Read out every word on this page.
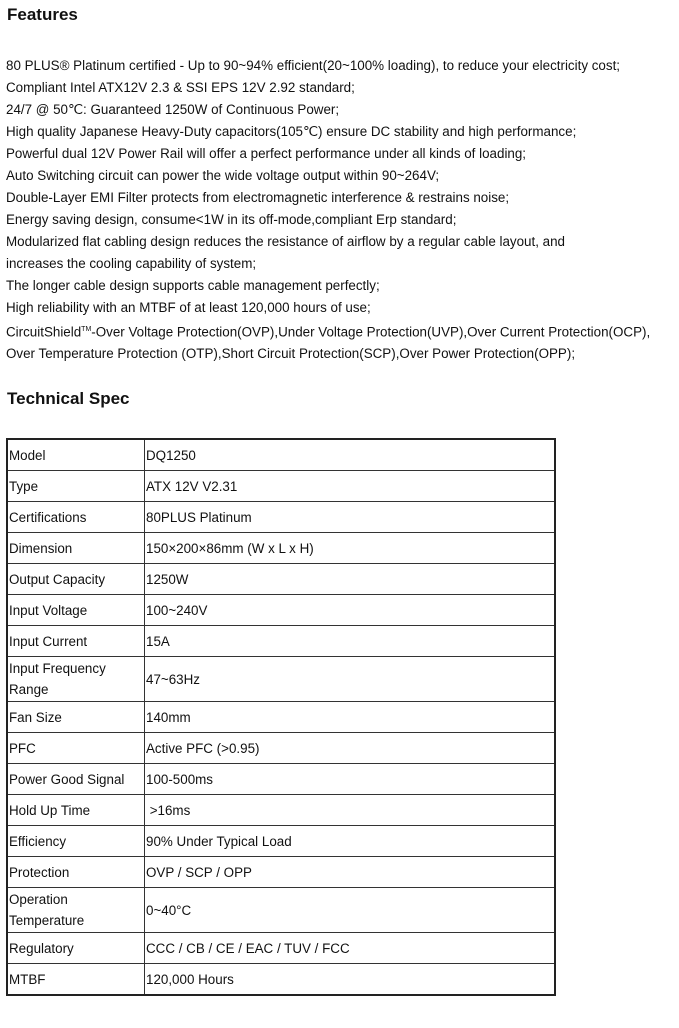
Features
80 PLUS® Platinum certified - Up to 90~94% efficient(20~100% loading), to reduce your electricity cost;
Compliant Intel ATX12V 2.3 & SSI EPS 12V 2.92 standard;
24/7 @ 50℃: Guaranteed 1250W of Continuous Power;
High quality Japanese Heavy-Duty capacitors(105℃) ensure DC stability and high performance;
Powerful dual 12V Power Rail will offer a perfect performance under all kinds of loading;
Auto Switching circuit can power the wide voltage output within 90~264V;
Double-Layer EMI Filter protects from electromagnetic interference & restrains noise;
Energy saving design, consume<1W in its off-mode,compliant Erp standard;
Modularized flat cabling design reduces the resistance of airflow by a regular cable layout, and
increases the cooling capability of system;
The longer cable design supports cable management perfectly;
High reliability with an MTBF of at least 120,000 hours of use;
CircuitShield™-Over Voltage Protection(OVP),Under Voltage Protection(UVP),Over Current Protection(OCP),
Over Temperature Protection (OTP),Short Circuit Protection(SCP),Over Power Protection(OPP);
Technical Spec
Model	DQ1250
Type	ATX 12V V2.31
Certifications	80PLUS Platinum
Dimension	150×200×86mm (W x L x H)
Output Capacity	1250W
Input Voltage	100~240V
Input Current	15A
Input Frequency Range	47~63Hz
Fan Size	140mm
PFC	Active PFC (>0.95)
Power Good Signal	100-500ms
Hold Up Time	>16ms
Efficiency	90% Under Typical Load
Protection	OVP / SCP / OPP
Operation Temperature	0~40°C
Regulatory	CCC / CB / CE / EAC / TUV / FCC
MTBF	120,000 Hours
